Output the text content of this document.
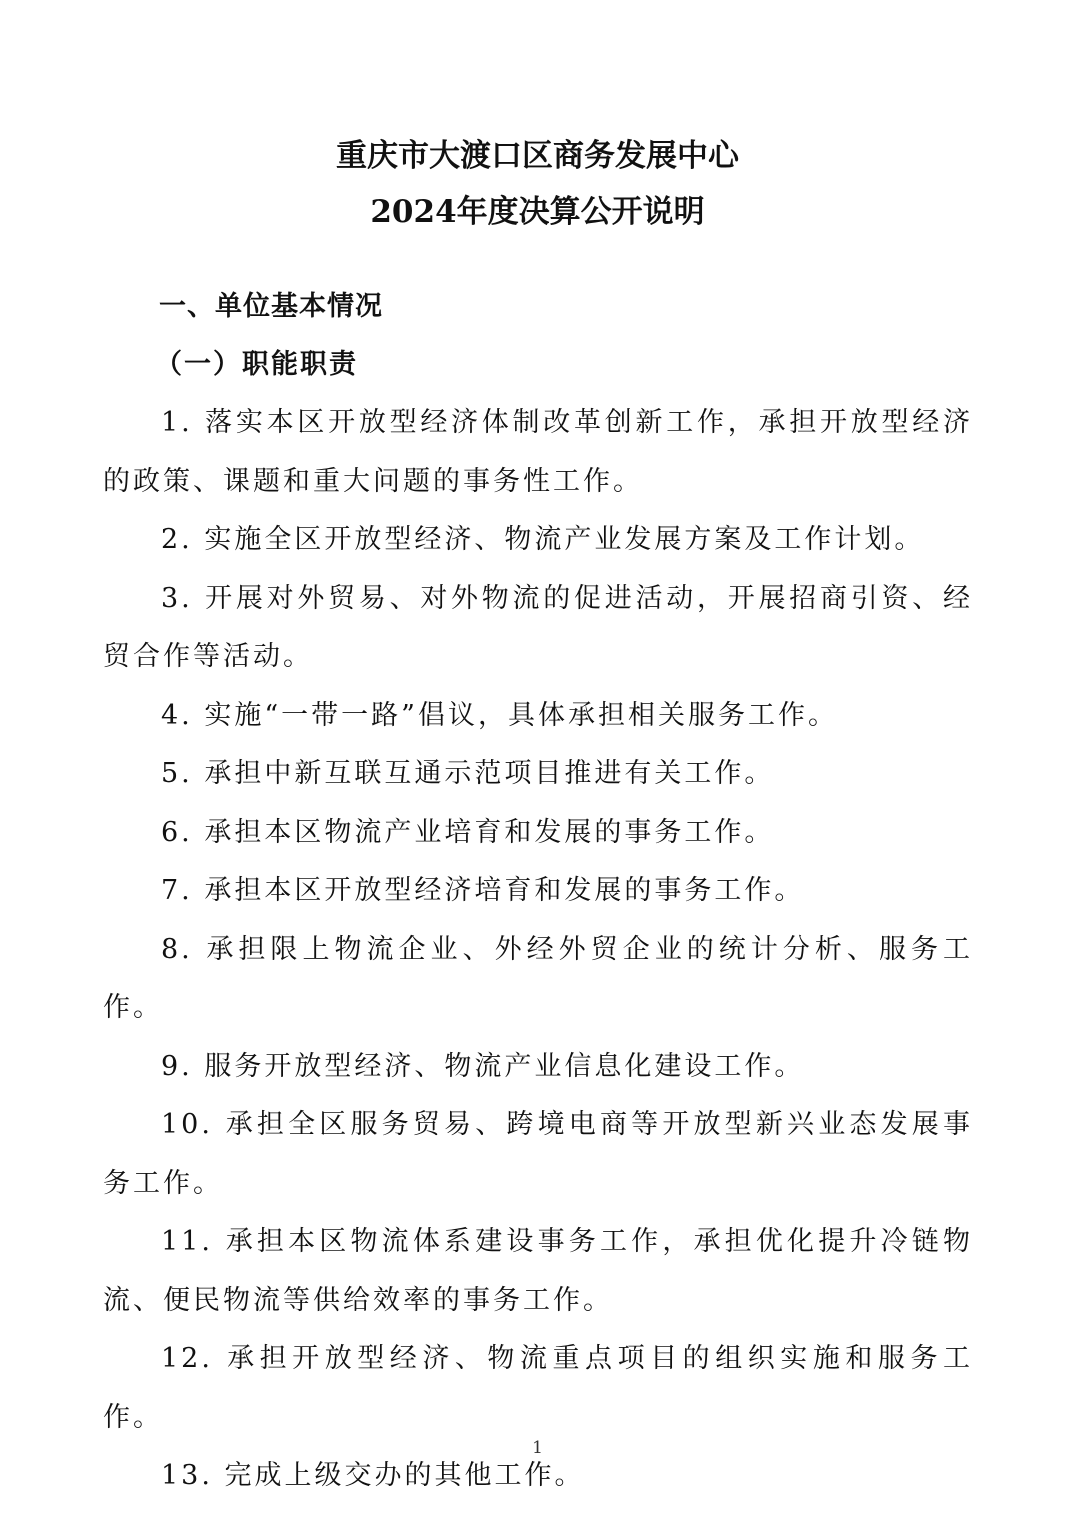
重庆市大渡口区商务发展中心
2024年度决算公开说明
一、单位基本情况
（一）职能职责

1. 落实本区开放型经济体制改革创新工作，承担开放型经济的政策、课题和重大问题的事务性工作。

2. 实施全区开放型经济、物流产业发展方案及工作计划。

3. 开展对外贸易、对外物流的促进活动，开展招商引资、经贸合作等活动。

4. 实施“一带一路”倡议，具体承担相关服务工作。

5. 承担中新互联互通示范项目推进有关工作。

6. 承担本区物流产业培育和发展的事务工作。

7. 承担本区开放型经济培育和发展的事务工作。

8. 承担限上物流企业、外经外贸企业的统计分析、服务工作。

9. 服务开放型经济、物流产业信息化建设工作。

10. 承担全区服务贸易、跨境电商等开放型新兴业态发展事务工作。

11. 承担本区物流体系建设事务工作，承担优化提升冷链物流、便民物流等供给效率的事务工作。

12. 承担开放型经济、物流重点项目的组织实施和服务工作。

13. 完成上级交办的其他工作。

1
